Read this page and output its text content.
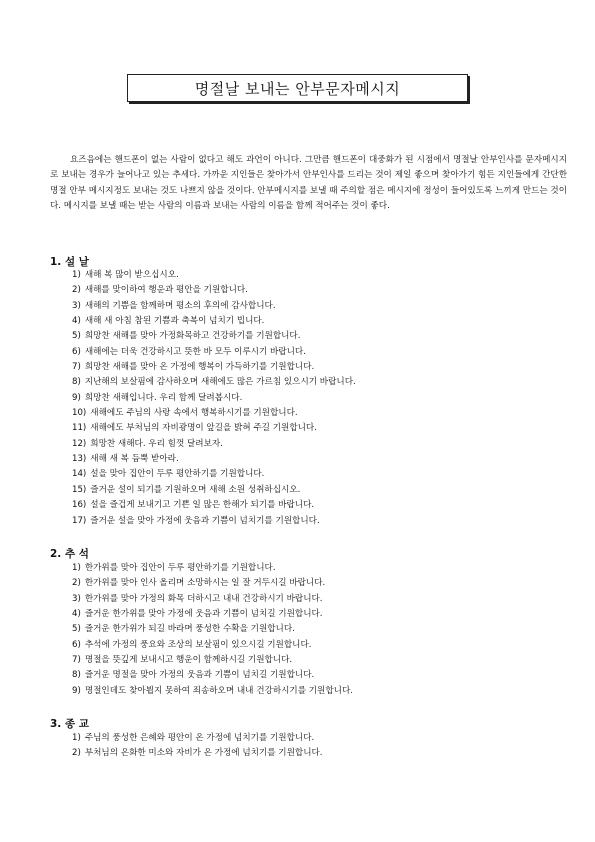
명절날 보내는 안부문자메시지

요즈음에는 핸드폰이 없는 사람이 없다고 해도 과언이 아니다. 그만큼 핸드폰이 대중화가 된 시점에서 명절날 안부인사를 문자메시지로 보내는 경우가 늘어나고 있는 추세다. 가까운 지인들은 찾아가서 안부인사를 드리는 것이 제일 좋으며 찾아가기 힘든 지인들에게 간단한 명절 안부 메시지정도 보내는 것도 나쁘지 않을 것이다. 안부메시지를 보낼 때 주의할 점은 메시지에 정성이 들어있도록 느끼게 만드는 것이다. 메시지를 보낼 때는 받는 사람의 이름과 보내는 사람의 이름을 함께 적어주는 것이 좋다.

1. 설 날
1) 새해 복 많이 받으십시오.
2) 새해를 맞이하여 행운과 평안을 기원합니다.
3) 새해의 기쁨을 함께하며 평소의 후의에 감사합니다.
4) 새해 새 아침 참된 기쁨과 축복이 넘치기 빕니다.
5) 희망찬 새해를 맞아 가정화목하고 건강하기를 기원합니다.
6) 새해에는 더욱 건강하시고 뜻한 바 모두 이루시기 바랍니다.
7) 희망찬 새해를 맞아 온 가정에 행복이 가득하기를 기원합니다.
8) 지난해의 보살핌에 감사하오며 새해에도 많은 가르침 있으시기 바랍니다.
9) 희망찬 새해입니다. 우리 함께 달려봅시다.
10) 새해에도 주님의 사랑 속에서 행복하시기를 기원합니다.
11) 새해에도 부처님의 자비광명이 앞길을 밝혀 주길 기원합니다.
12) 희망찬 새해다. 우리 힘껏 달려보자.
13) 새해 새 복 듬뿍 받아라.
14) 설을 맞아 집안이 두루 평안하기를 기원합니다.
15) 즐거운 설이 되기를 기원하오며 새해 소원 성취하십시오.
16) 설을 즐겁게 보내기고 기쁜 일 많은 한해가 되기를 바랍니다.
17) 즐거운 설을 맞아 가정에 웃음과 기쁨이 넘치기를 기원합니다.
2. 추 석
1) 한가위를 맞아 집안이 두루 평안하기를 기원합니다.
2) 한가위를 맞아 인사 올리며 소망하시는 일 잘 거두시길 바랍니다.
3) 한가위를 맞아 가정의 화목 더하시고 내내 건강하시기 바랍니다.
4) 즐거운 한가위를 맞아 가정에 웃음과 기쁨이 넘치길 기원합니다.
5) 즐거운 한가위가 되길 바라며 풍성한 수확을 기원합니다.
6) 추석에 가정의 풍요와 조상의 보살핌이 있으시길 기원합니다.
7) 명절을 뜻깊게 보내시고 행운이 함께하시길 기원합니다.
8) 즐거운 명절을 맞아 가정의 웃음과 기쁨이 넘치길 기원합니다.
9) 명절인데도 찾아뵙지 못하여 죄송하오며 내내 건강하시기를 기원합니다.
3. 종 교
1) 주님의 풍성한 은혜와 평안이 온 가정에 넘치기를 기원합니다.
2) 부처님의 온화한 미소와 자비가 온 가정에 넘치기를 기원합니다.
